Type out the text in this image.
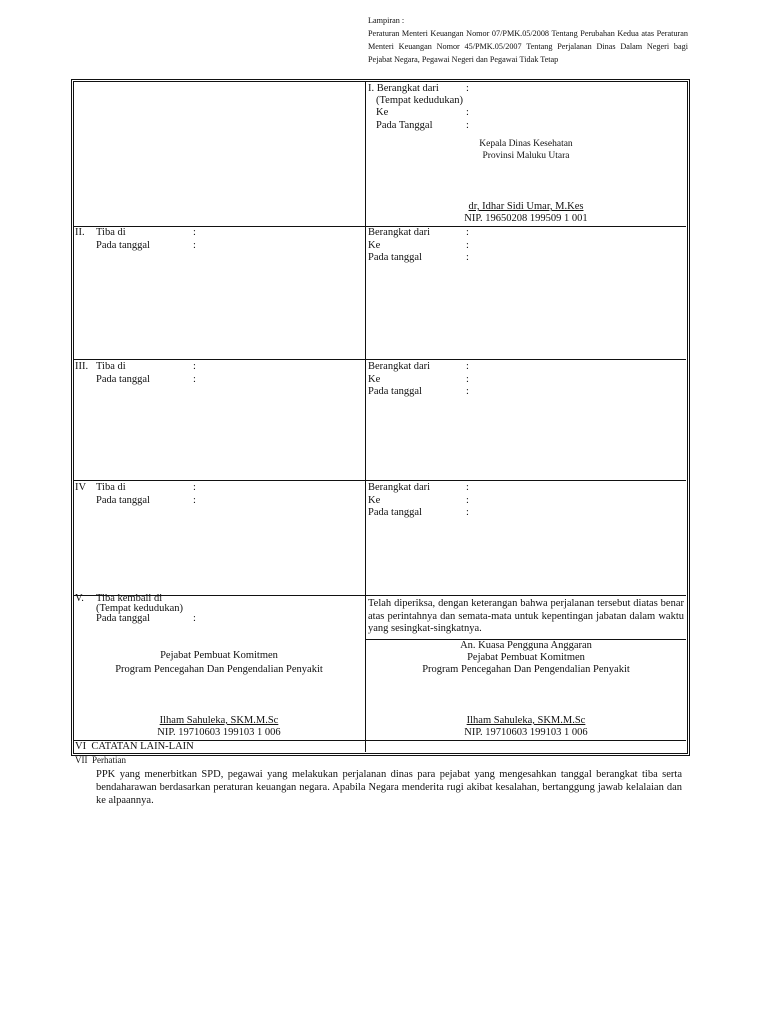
Lampiran :
Peraturan Menteri Keuangan Nomor 07/PMK.05/2008 Tentang Perubahan Kedua atas Peraturan Menteri Keuangan Nomor 45/PMK.05/2007 Tentang Perjalanan Dinas Dalam Negeri bagi Pejabat Negara, Pegawai Negeri dan Pegawai Tidak Tetap
I. Berangkat dari	:
(Tempat kedudukan)
Ke	:
Pada Tanggal	:
Kepala Dinas Kesehatan
Provinsi Maluku Utara
dr, Idhar Sidi Umar, M.Kes
NIP. 19650208 199509 1 001
II. Tiba di	:
Pada tanggal	:
Berangkat dari	:
Ke	:
Pada tanggal	:
III. Tiba di	:
Pada tanggal	:
Berangkat dari	:
Ke	:
Pada tanggal	:
IV Tiba di	:
Pada tanggal	:
Berangkat dari	:
Ke	:
Pada tanggal	:
V. Tiba kembali di
(Tempat kedudukan)
Pada tanggal	:
Pejabat Pembuat Komitmen
Program Pencegahan Dan Pengendalian Penyakit
Ilham Sahuleka, SKM.M.Sc
NIP. 19710603 199103 1 006
Telah diperiksa, dengan keterangan bahwa perjalanan tersebut diatas benar atas perintahnya dan semata-mata untuk kepentingan jabatan dalam waktu yang sesingkat-singkatnya.
An. Kuasa Pengguna Anggaran
Pejabat Pembuat Komitmen
Program Pencegahan Dan Pengendalian Penyakit
Ilham Sahuleka, SKM.M.Sc
NIP. 19710603 199103 1 006
VI  CATATAN LAIN-LAIN
VII  Perhatian
PPK yang menerbitkan SPD, pegawai yang melakukan perjalanan dinas para pejabat yang mengesahkan tanggal berangkat tiba serta bendaharawan berdasarkan peraturan keuangan negara. Apabila Negara menderita rugi akibat kesalahan, bertanggung jawab kelalaian dan ke alpaannya.
